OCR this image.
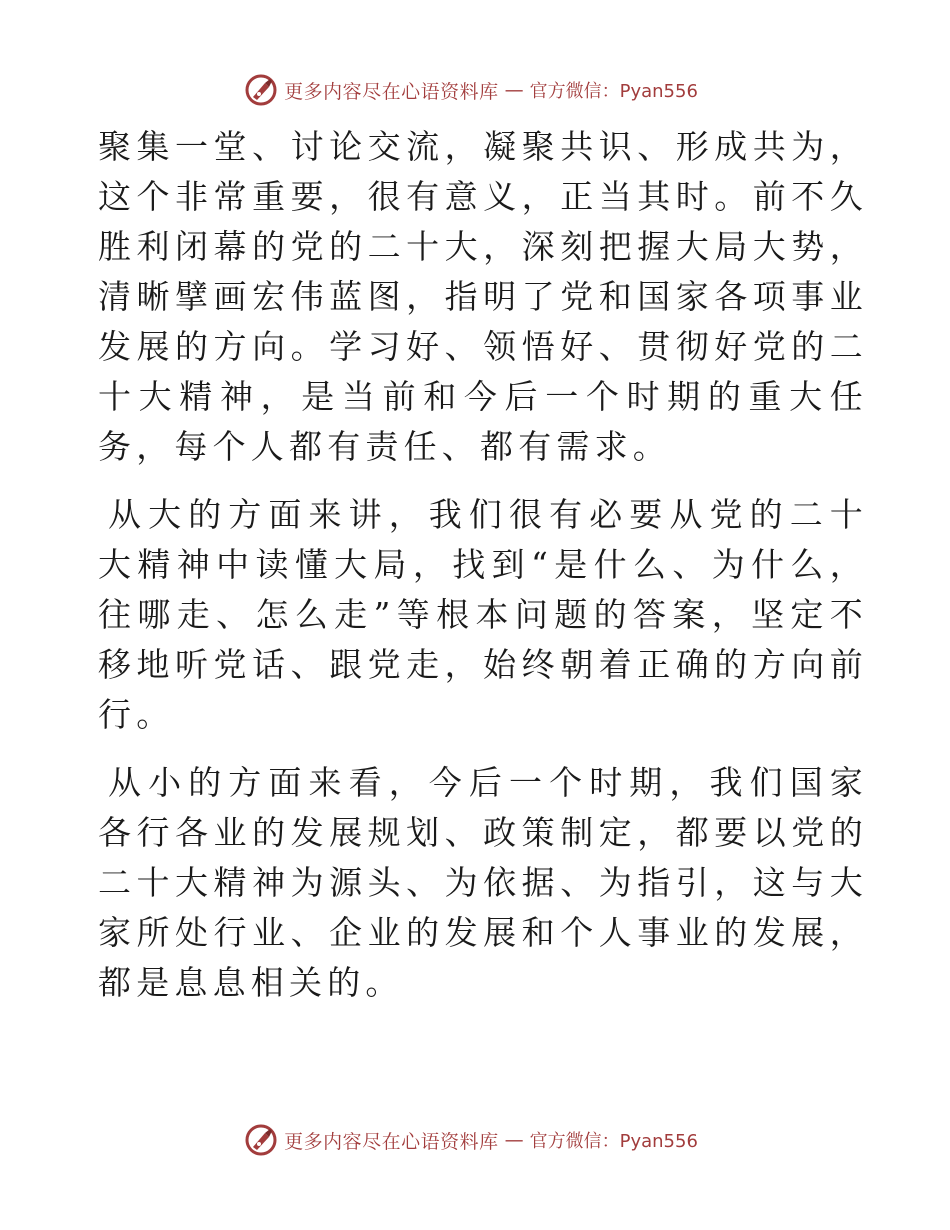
更多内容尽在心语资料库 — 官方微信：Pyan556

聚集一堂、讨论交流，凝聚共识、形成共为，这个非常重要，很有意义，正当其时。前不久胜利闭幕的党的二十大，深刻把握大局大势，清晰擘画宏伟蓝图，指明了党和国家各项事业发展的方向。学习好、领悟好、贯彻好党的二十大精神，是当前和今后一个时期的重大任务，每个人都有责任、都有需求。

从大的方面来讲，我们很有必要从党的二十大精神中读懂大局，找到“是什么、为什么，往哪走、怎么走”等根本问题的答案，坚定不移地听党话、跟党走，始终朝着正确的方向前行。

从小的方面来看，今后一个时期，我们国家各行各业的发展规划、政策制定，都要以党的二十大精神为源头、为依据、为指引，这与大家所处行业、企业的发展和个人事业的发展，都是息息相关的。

更多内容尽在心语资料库 — 官方微信：Pyan556
